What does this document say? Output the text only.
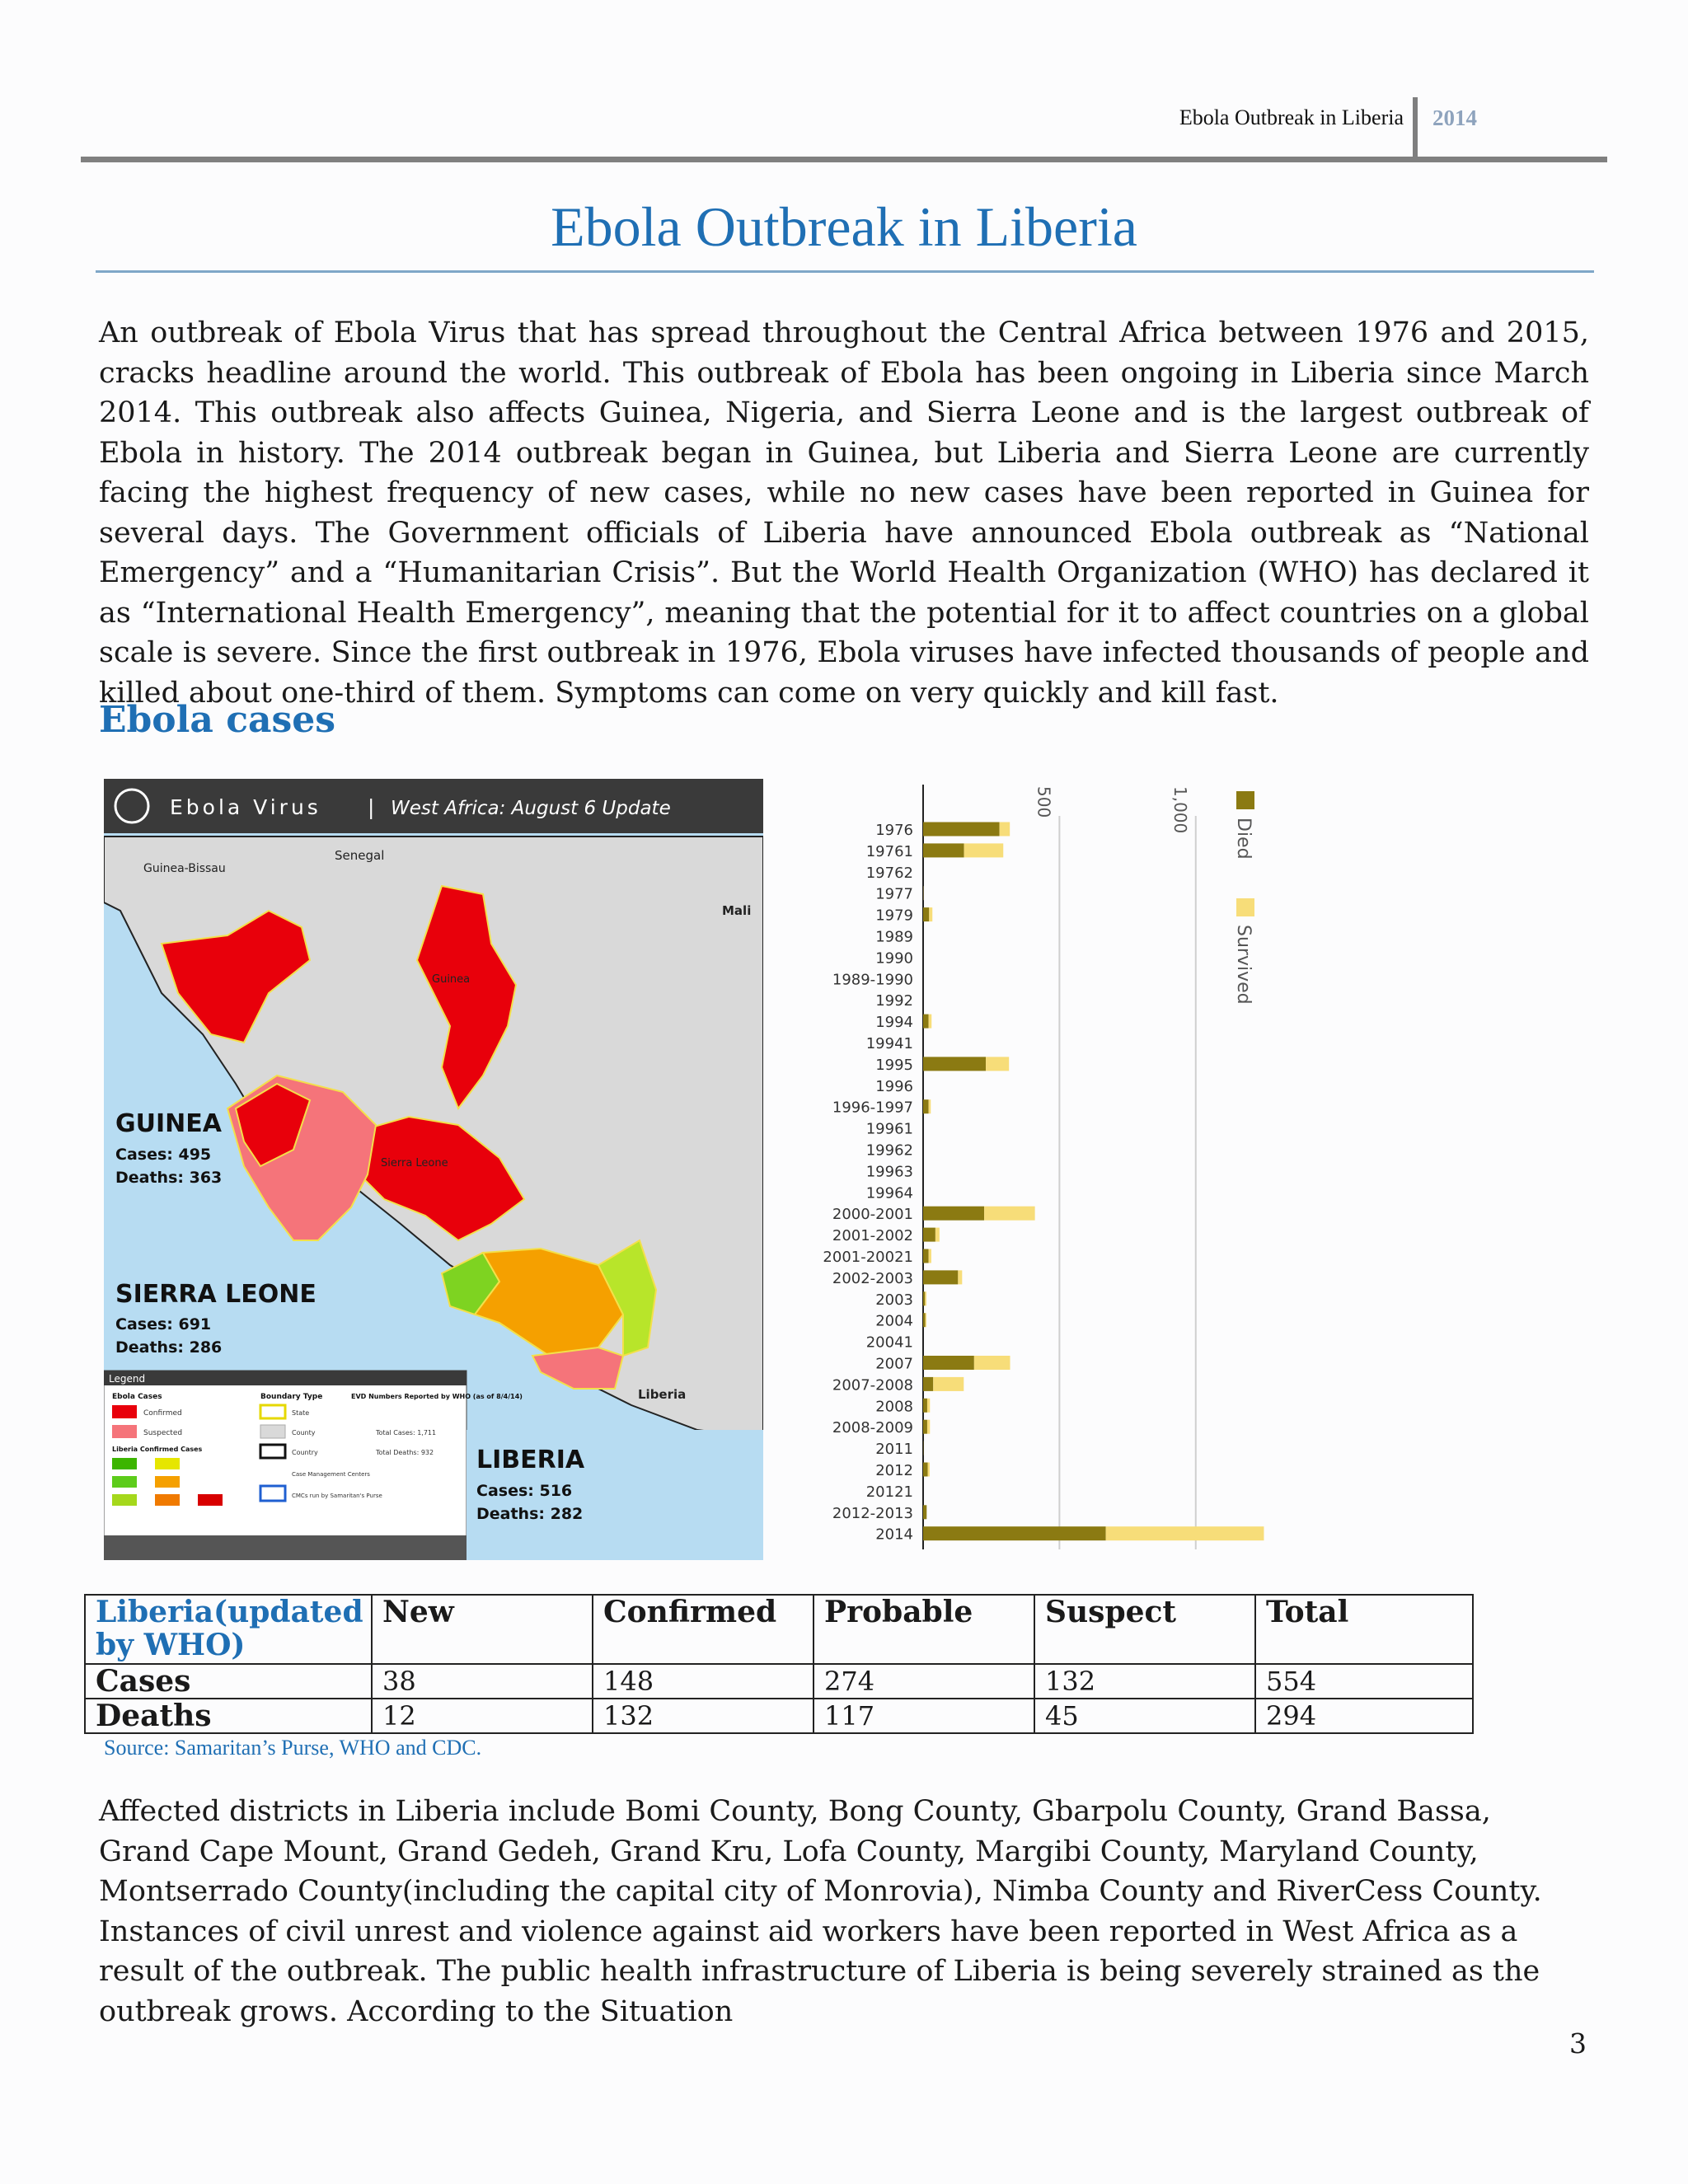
Ebola Outbreak in Liberia 2014
Ebola Outbreak in Liberia
An outbreak of Ebola Virus that has spread throughout the Central Africa between 1976 and 2015, cracks headline around the world. This outbreak of Ebola has been ongoing in Liberia since March 2014. This outbreak also affects Guinea, Nigeria, and Sierra Leone and is the largest outbreak of Ebola in history. The 2014 outbreak began in Guinea, but Liberia and Sierra Leone are currently facing the highest frequency of new cases, while no new cases have been reported in Guinea for several days. The Government officials of Liberia have announced Ebola outbreak as “National Emergency” and a “Humanitarian Crisis”. But the World Health Organization (WHO) has declared it as “International Health Emergency”, meaning that the potential for it to affect countries on a global scale is severe. Since the first outbreak in 1976, Ebola viruses have infected thousands of people and killed about one-third of them. Symptoms can come on very quickly and kill fast.
Ebola cases
Ebola Virus | West Africa: August 6 Update
Senegal
Guinea-Bissau
Mali
Guinea
Sierra Leone
Liberia
GUINEA
Cases: 495
Deaths: 363
SIERRA LEONE
Cases: 691
Deaths: 286
Legend
Ebola Cases
Confirmed
Suspected
Liberia Confirmed Cases
Boundary Type
State
County
Country
Case Management Centers
CMCs run by Samaritan's Purse
EVD Numbers Reported by WHO (as of 8/4/14)
Total Cases: 1,711
Total Deaths: 932 LIBERIA
Cases: 516
Deaths: 282
500	1,000
1976
19761
19762
1977
1979
1989
1990
1989-1990
1992
1994
19941
1995
1996
1996-1997
19961
19962
19963
19964
2000-2001
2001-2002
2001-20021
2002-2003
2003
2004
20041
2007
2007-2008
2008
2008-2009
2011
2012
20121
2012-2013
2014
Died
Survived
Liberia(updated by WHO)	New	Confirmed	Probable	Suspect	Total
Cases	38	148	274	132	554
Deaths	12	132	117	45	294
Source: Samaritan’s Purse, WHO and CDC.
Affected districts in Liberia include Bomi County, Bong County, Gbarpolu County, Grand Bassa, Grand Cape Mount, Grand Gedeh, Grand Kru, Lofa County, Margibi County, Maryland County, Montserrado County(including the capital city of Monrovia), Nimba County and RiverCess County. Instances of civil unrest and violence against aid workers have been reported in West Africa as a result of the outbreak. The public health infrastructure of Liberia is being severely strained as the outbreak grows. According to the Situation
3
